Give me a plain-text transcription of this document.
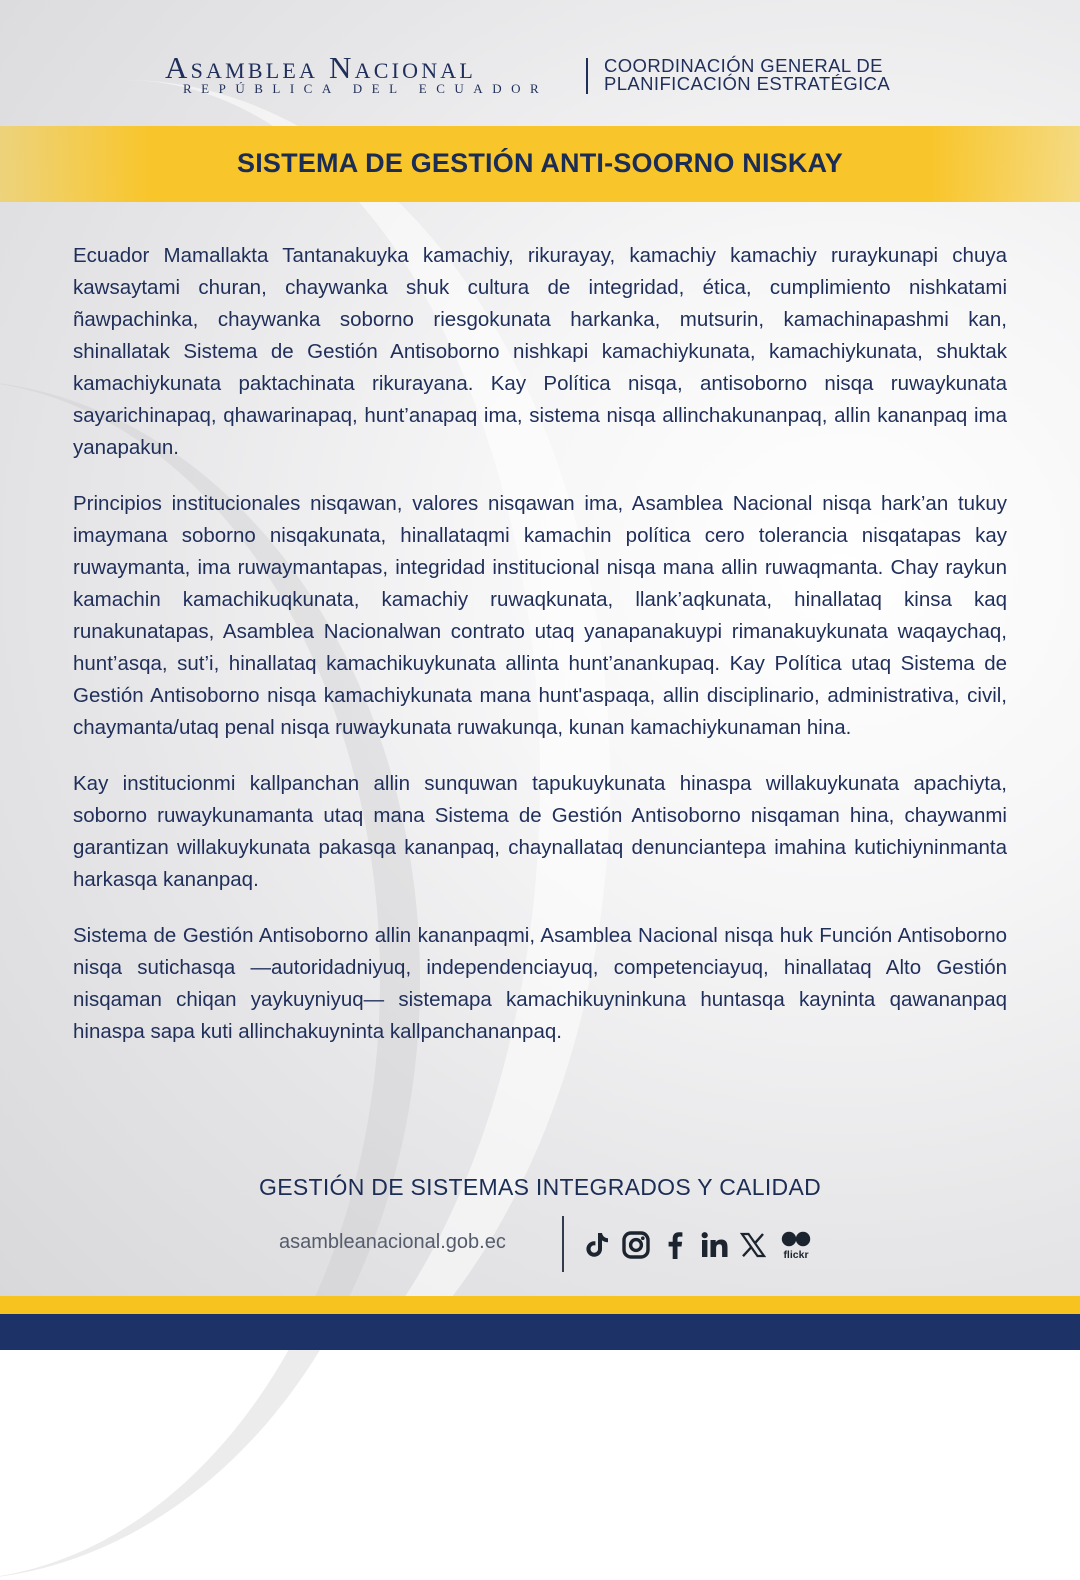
Asamblea Nacional
REPÚBLICA DEL ECUADOR
COORDINACIÓN GENERAL DE
PLANIFICACIÓN ESTRATÉGICA
SISTEMA DE GESTIÓN ANTI-SOORNO NISKAY

Ecuador Mamallakta Tantanakuyka kamachiy, rikurayay, kamachiy kamachiy ruraykunapi chuya kawsaytami churan, chaywanka shuk cultura de integridad, ética, cumplimiento nishkatami ñawpachinka, chaywanka soborno riesgokunata harkanka, mutsurin, kamachinapashmi kan, shinallatak Sistema de Gestión Antisoborno nishkapi kamachiykunata, kamachiykunata, shuktak kamachiykunata paktachinata rikurayana. Kay Política nisqa, antisoborno nisqa ruwaykunata sayarichinapaq, qhawarinapaq, hunt’anapaq ima, sistema nisqa allinchakunanpaq, allin kananpaq ima yanapakun.

Principios institucionales nisqawan, valores nisqawan ima, Asamblea Nacional nisqa hark’an tukuy imaymana soborno nisqakunata, hinallataqmi kamachin política cero tolerancia nisqatapas kay ruwaymanta, ima ruwaymantapas, integridad institucional nisqa mana allin ruwaqmanta. Chay raykun kamachin kamachikuqkunata, kamachiy ruwaqkunata, llank’aqkunata, hinallataq kinsa kaq runakunatapas, Asamblea Nacionalwan contrato utaq yanapanakuypi rimanakuykunata waqaychaq, hunt’asqa, sut’i, hinallataq kamachikuykunata allinta hunt’anankupaq. Kay Política utaq Sistema de Gestión Antisoborno nisqa kamachiykunata mana hunt'aspaqa, allin disciplinario, administrativa, civil, chaymanta/utaq penal nisqa ruwaykunata ruwakunqa, kunan kamachiykunaman hina.

Kay institucionmi kallpanchan allin sunquwan tapukuykunata hinaspa willakuykunata apachiyta, soborno ruwaykunamanta utaq mana Sistema de Gestión Antisoborno nisqaman hina, chaywanmi garantizan willakuykunata pakasqa kananpaq, chaynallataq denunciantepa imahina kutichiyninmanta harkasqa kananpaq.

Sistema de Gestión Antisoborno allin kananpaqmi, Asamblea Nacional nisqa huk Función Antisoborno nisqa sutichasqa —autoridadniyuq, independenciayuq, competenciayuq, hinallataq Alto Gestión nisqaman chiqan yaykuyniyuq— sistemapa kamachikuyninkuna huntasqa kayninta qawananpaq hinaspa sapa kuti allinchakuyninta kallpanchananpaq.

GESTIÓN DE SISTEMAS INTEGRADOS Y CALIDAD
asambleanacional.gob.ec
flickr
